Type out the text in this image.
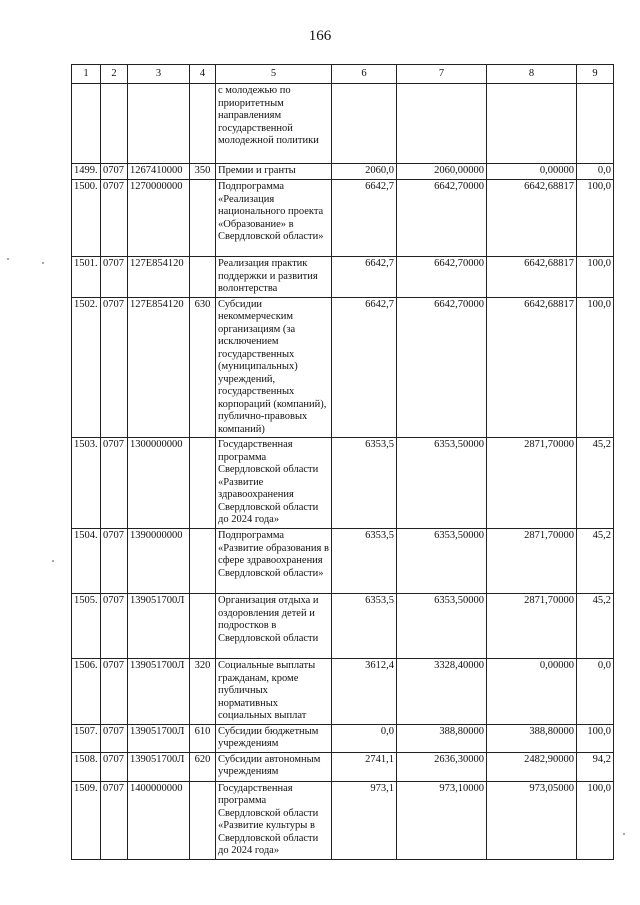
166
1	2	3	4	5	6	7	8	9
				с молодежью по приоритетным направлениям государственной молодежной политики				
1499.	0707	1267410000	350	Премии и гранты	2060,0	2060,00000	0,00000	0,0
1500.	0707	1270000000		Подпрограмма «Реализация национального проекта «Образование» в Свердловской области»	6642,7	6642,70000	6642,68817	100,0
1501.	0707	127E854120		Реализация практик поддержки и развития волонтерства	6642,7	6642,70000	6642,68817	100,0
1502.	0707	127E854120	630	Субсидии некоммерческим организациям (за исключением государственных (муниципальных) учреждений, государственных корпораций (компаний), публично-правовых компаний)	6642,7	6642,70000	6642,68817	100,0
1503.	0707	1300000000		Государственная программа Свердловской области «Развитие здравоохранения Свердловской области до 2024 года»	6353,5	6353,50000	2871,70000	45,2
1504.	0707	1390000000		Подпрограмма «Развитие образования в сфере здравоохранения Свердловской области»	6353,5	6353,50000	2871,70000	45,2
1505.	0707	139051700Л		Организация отдыха и оздоровления детей и подростков в Свердловской области	6353,5	6353,50000	2871,70000	45,2
1506.	0707	139051700Л	320	Социальные выплаты гражданам, кроме публичных нормативных социальных выплат	3612,4	3328,40000	0,00000	0,0
1507.	0707	139051700Л	610	Субсидии бюджетным учреждениям	0,0	388,80000	388,80000	100,0
1508.	0707	139051700Л	620	Субсидии автономным учреждениям	2741,1	2636,30000	2482,90000	94,2
1509.	0707	1400000000		Государственная программа Свердловской области «Развитие культуры в Свердловской области до 2024 года»	973,1	973,10000	973,05000	100,0
